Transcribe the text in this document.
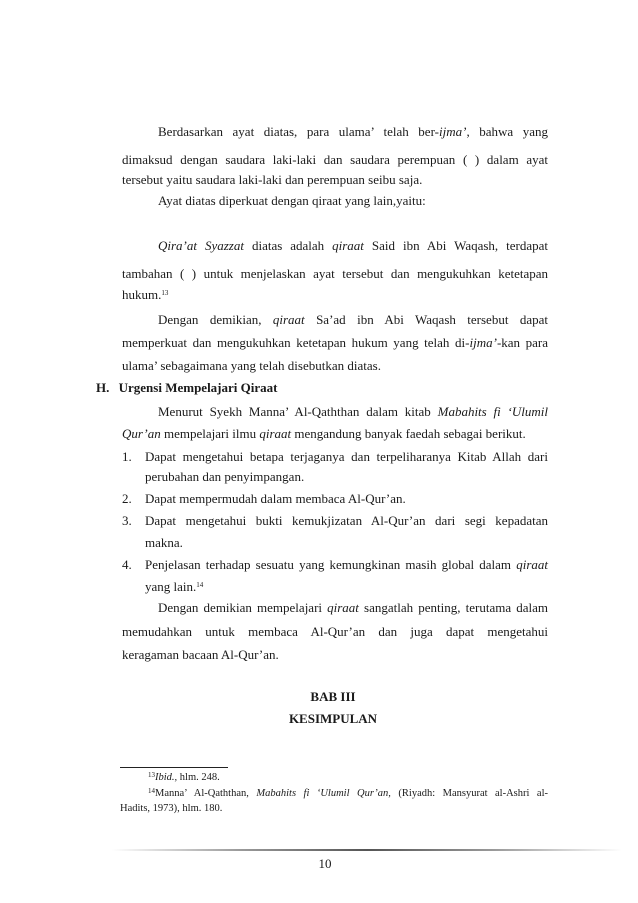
Berdasarkan ayat diatas, para ulama’ telah ber-ijma’, bahwa yang
dimaksud dengan saudara laki-laki dan saudara perempuan ( ) dalam ayat
tersebut yaitu saudara laki-laki dan perempuan seibu saja.
Ayat diatas diperkuat dengan qiraat yang lain,yaitu:
Qira’at Syazzat diatas adalah qiraat Said ibn Abi Waqash, terdapat
tambahan ( ) untuk menjelaskan ayat tersebut dan mengukuhkan ketetapan
hukum.$^{13}$
Dengan demikian, qiraat Sa’ad ibn Abi Waqash tersebut dapat
memperkuat dan mengukuhkan ketetapan hukum yang telah di-ijma’-kan para
ulama’ sebagaimana yang telah disebutkan diatas.
H. Urgensi Mempelajari Qiraat
Menurut Syekh Manna’ Al-Qaththan dalam kitab Mabahits fi ‘Ulumil
Qur’an mempelajari ilmu qiraat mengandung banyak faedah sebagai berikut.
1. Dapat mengetahui betapa terjaganya dan terpeliharanya Kitab Allah dari
perubahan dan penyimpangan.
2. Dapat mempermudah dalam membaca Al-Qur’an.
3. Dapat mengetahui bukti kemukjizatan Al-Qur’an dari segi kepadatan
makna.
4. Penjelasan terhadap sesuatu yang kemungkinan masih global dalam qiraat
yang lain.$^{14}$
Dengan demikian mempelajari qiraat sangatlah penting, terutama dalam
memudahkan untuk membaca Al-Qur’an dan juga dapat mengetahui
keragaman bacaan Al-Qur’an.
BAB III
KESIMPULAN
$^{13}$Ibid., hlm. 248.
$^{14}$Manna’ Al-Qaththan, Mabahits fi ‘Ulumil Qur’an, (Riyadh: Mansyurat al-Ashri al-
Hadits, 1973), hlm. 180.
10
